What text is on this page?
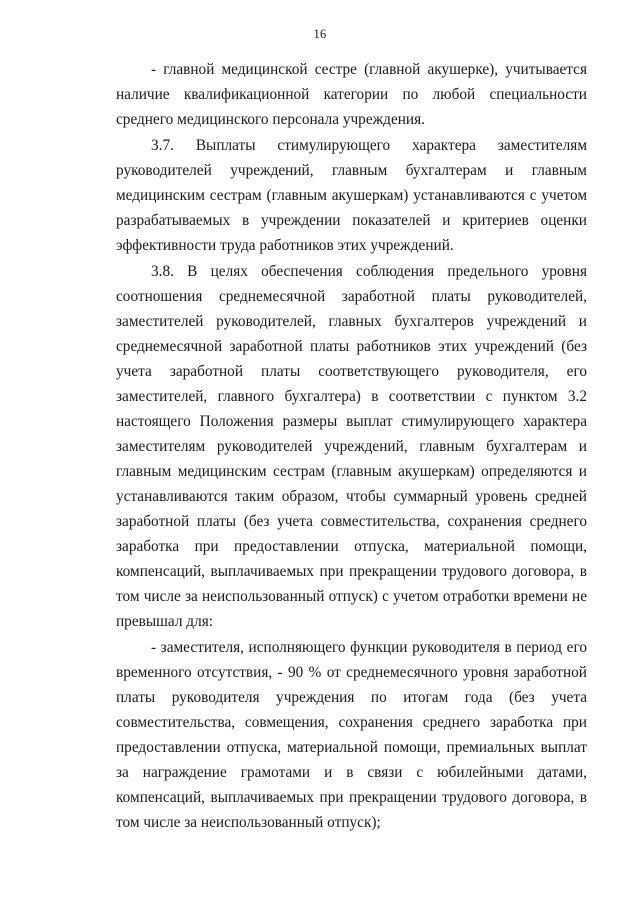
16

- главной медицинской сестре (главной акушерке), учитывается наличие квалификационной категории по любой специальности среднего медицинского персонала учреждения.

3.7. Выплаты стимулирующего характера заместителям руководителей учреждений, главным бухгалтерам и главным медицинским сестрам (главным акушеркам) устанавливаются с учетом разрабатываемых в учреждении показателей и критериев оценки эффективности труда работников этих учреждений.

3.8. В целях обеспечения соблюдения предельного уровня соотношения среднемесячной заработной платы руководителей, заместителей руководителей, главных бухгалтеров учреждений и среднемесячной заработной платы работников этих учреждений (без учета заработной платы соответствующего руководителя, его заместителей, главного бухгалтера) в соответствии с пунктом 3.2 настоящего Положения размеры выплат стимулирующего характера заместителям руководителей учреждений, главным бухгалтерам и главным медицинским сестрам (главным акушеркам) определяются и устанавливаются таким образом, чтобы суммарный уровень средней заработной платы (без учета совместительства, сохранения среднего заработка при предоставлении отпуска, материальной помощи, компенсаций, выплачиваемых при прекращении трудового договора, в том числе за неиспользованный отпуск) с учетом отработки времени не превышал для:

- заместителя, исполняющего функции руководителя в период его временного отсутствия, - 90 % от среднемесячного уровня заработной платы руководителя учреждения по итогам года (без учета совместительства, совмещения, сохранения среднего заработка при предоставлении отпуска, материальной помощи, премиальных выплат за награждение грамотами и в связи с юбилейными датами, компенсаций, выплачиваемых при прекращении трудового договора, в том числе за неиспользованный отпуск);
